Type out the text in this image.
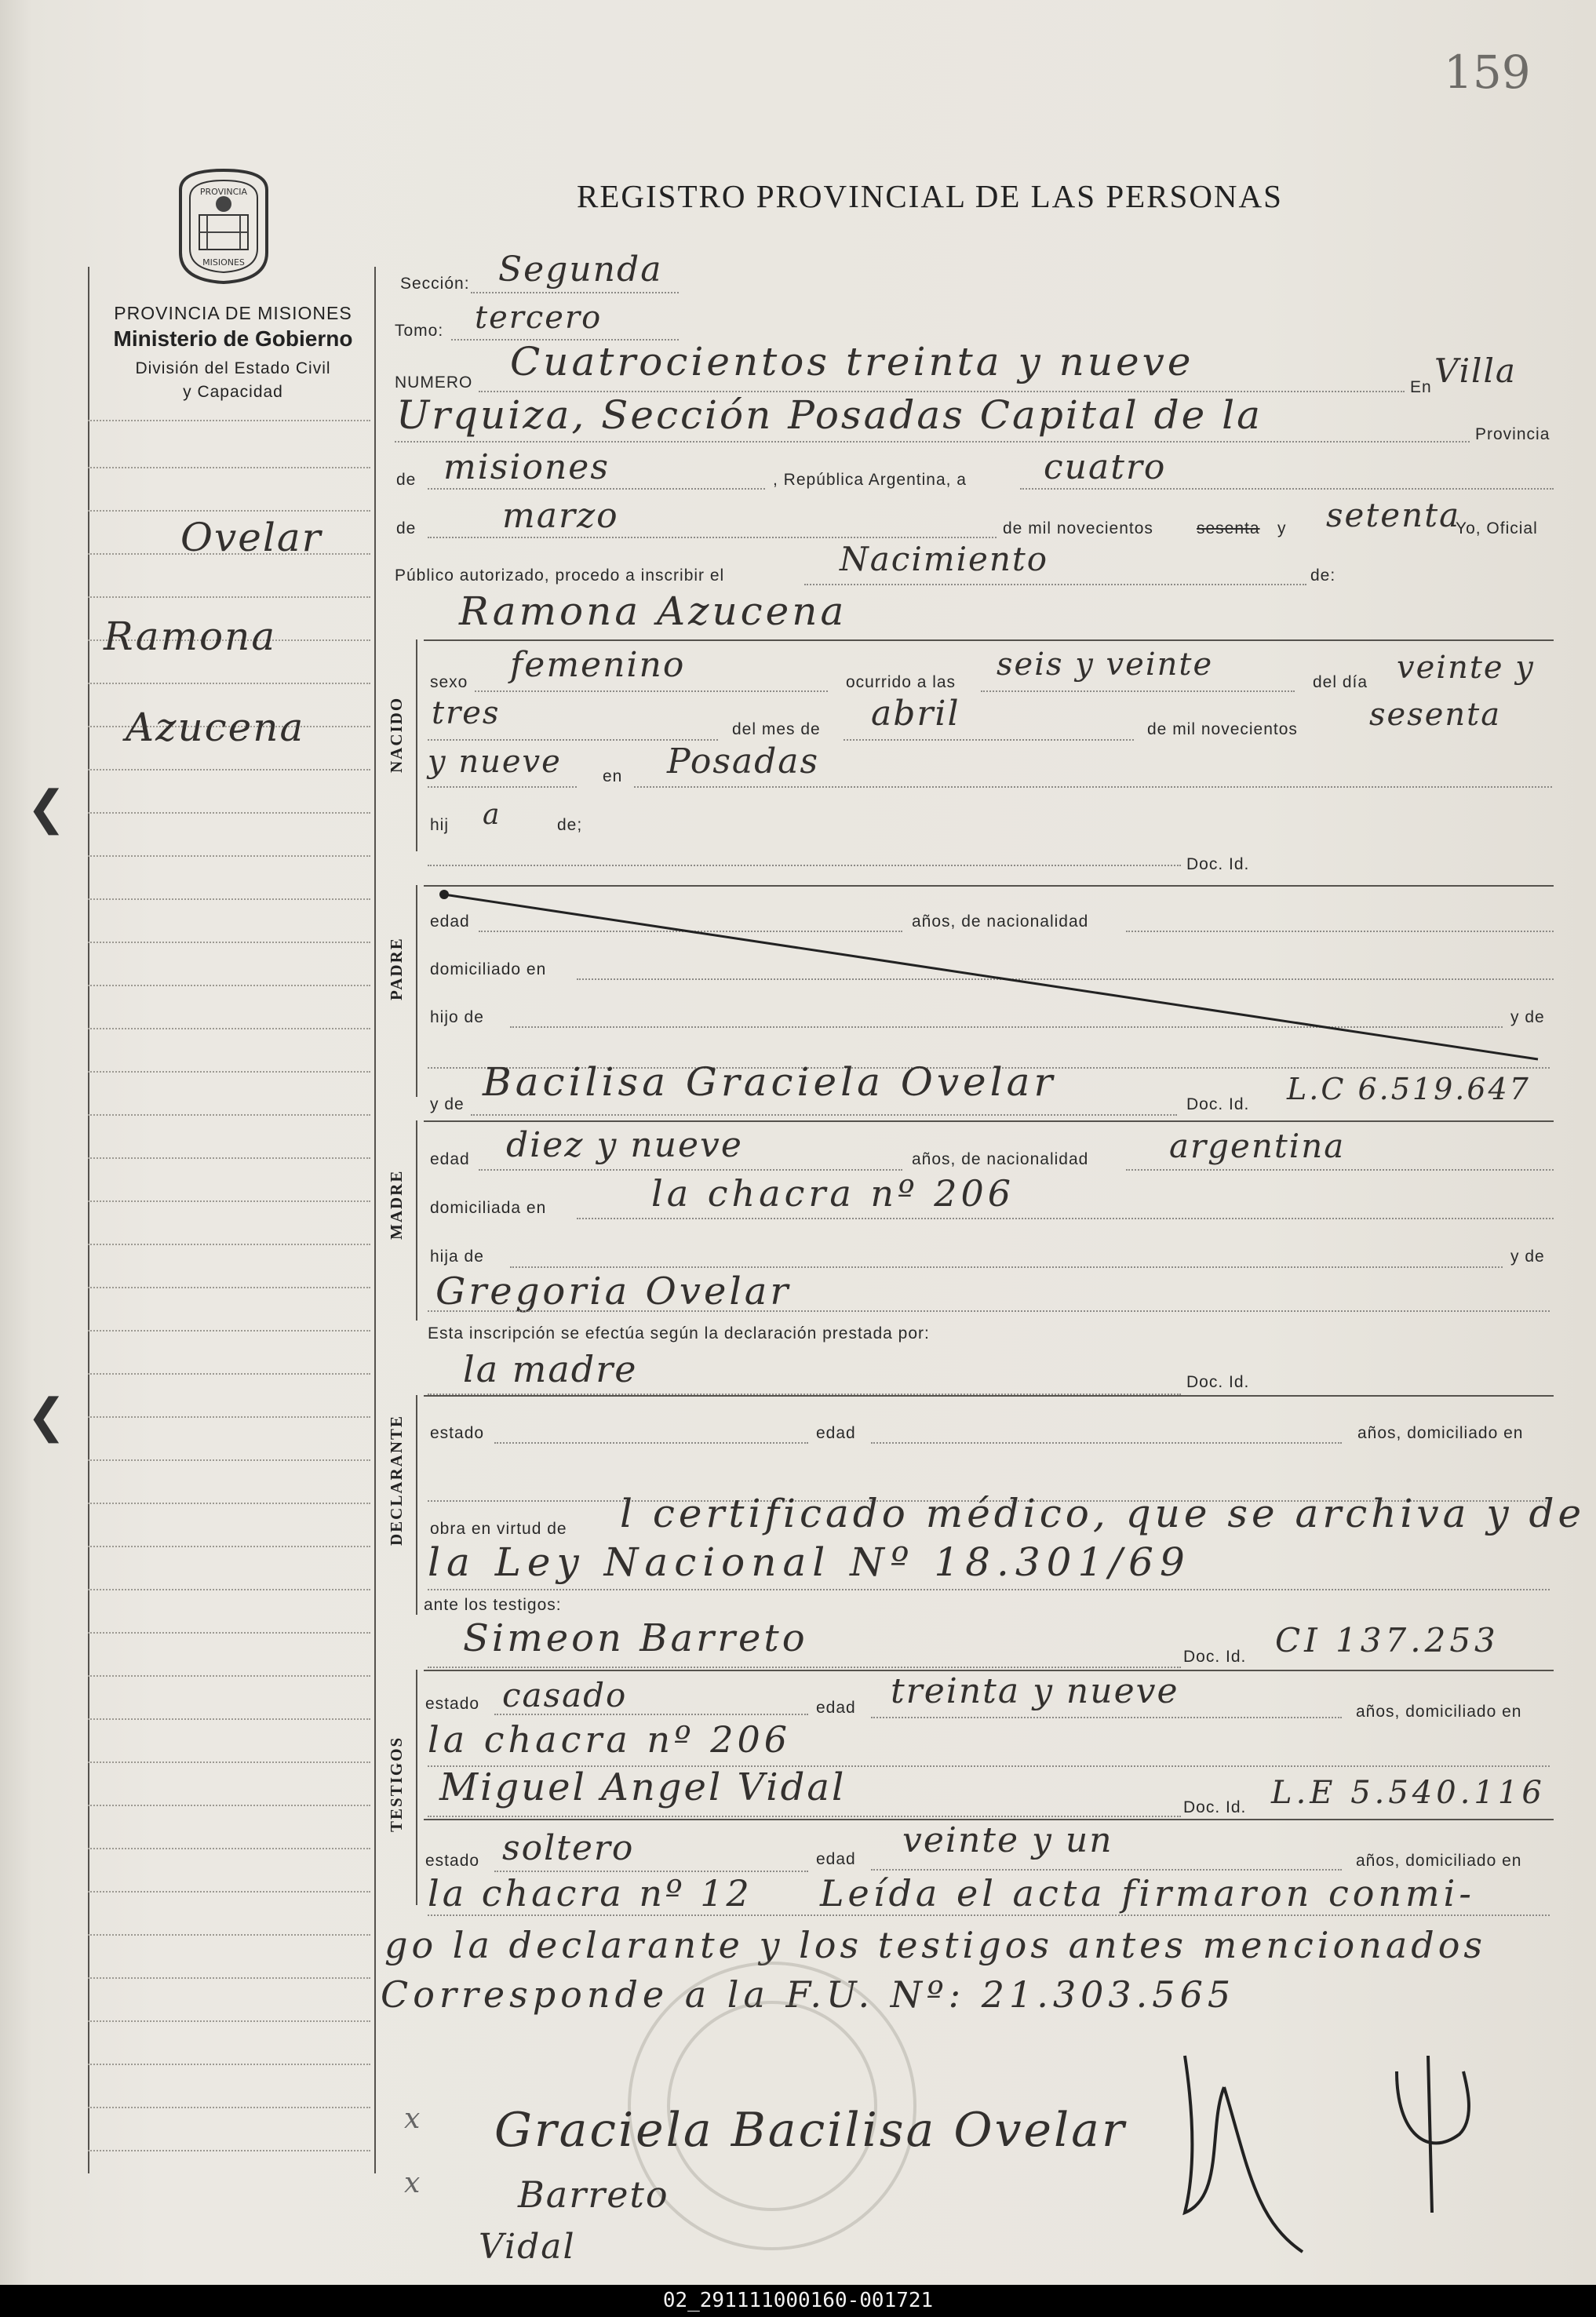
159
REGISTRO PROVINCIAL DE LAS PERSONAS
PROVINCIA
MISIONES
PROVINCIA DE MISIONES
Ministerio de Gobierno
División del Estado Civil
y Capacidad
Ovelar
Ramona
Azucena
❮
❮
Sección: Segunda
Tomo: tercero
NUMERO Cuatrocientos treinta y nueve
En Villa
Urquiza, Sección Posadas Capital de la	Provincia
de misiones	, República Argentina, a cuatro
de marzo	de mil novecientos	sesenta y setenta
Yo, Oficial
Público autorizado, procedo a inscribir el	Nacimiento	de:
Ramona Azucena
NACIDO
sexo femenino	ocurrido a las seis y veinte	del día veinte y
tres	del mes de abril	de mil novecientos sesenta
y nueve en Posadas
hij a	de;
Doc. Id.
PADRE
edad	años, de nacionalidad
domiciliado en
hijo de	y de
y de Bacilisa Graciela Ovelar	Doc. Id. L.C 6.519.647
MADRE
edad diez y nueve	años, de nacionalidad argentina
domiciliada en	la chacra nº 206
hija de	y de
Gregoria Ovelar
Esta inscripción se efectúa según la declaración prestada por:
la madre	Doc. Id.
DECLARANTE estado	edad	años, domiciliado en
obra en virtud de l certificado médico, que se archiva y de
la Ley Nacional Nº 18.301/69
ante los testigos:
Simeon Barreto	Doc. Id. CI 137.253
TESTIGOS
estado casado	edad treinta y nueve
años, domiciliado en
la chacra nº 206
Miguel Angel Vidal	Doc. Id. L.E 5.540.116
estado soltero	edad veinte y un
años, domiciliado en
la chacra nº 12 Leída el acta firmaron conmi-
go la declarante y los testigos antes mencionados
Corresponde a la F.U. Nº: 21.303.565
x Graciela Bacilisa Ovelar
x	Barreto
Vidal
02_291111000160-001721
